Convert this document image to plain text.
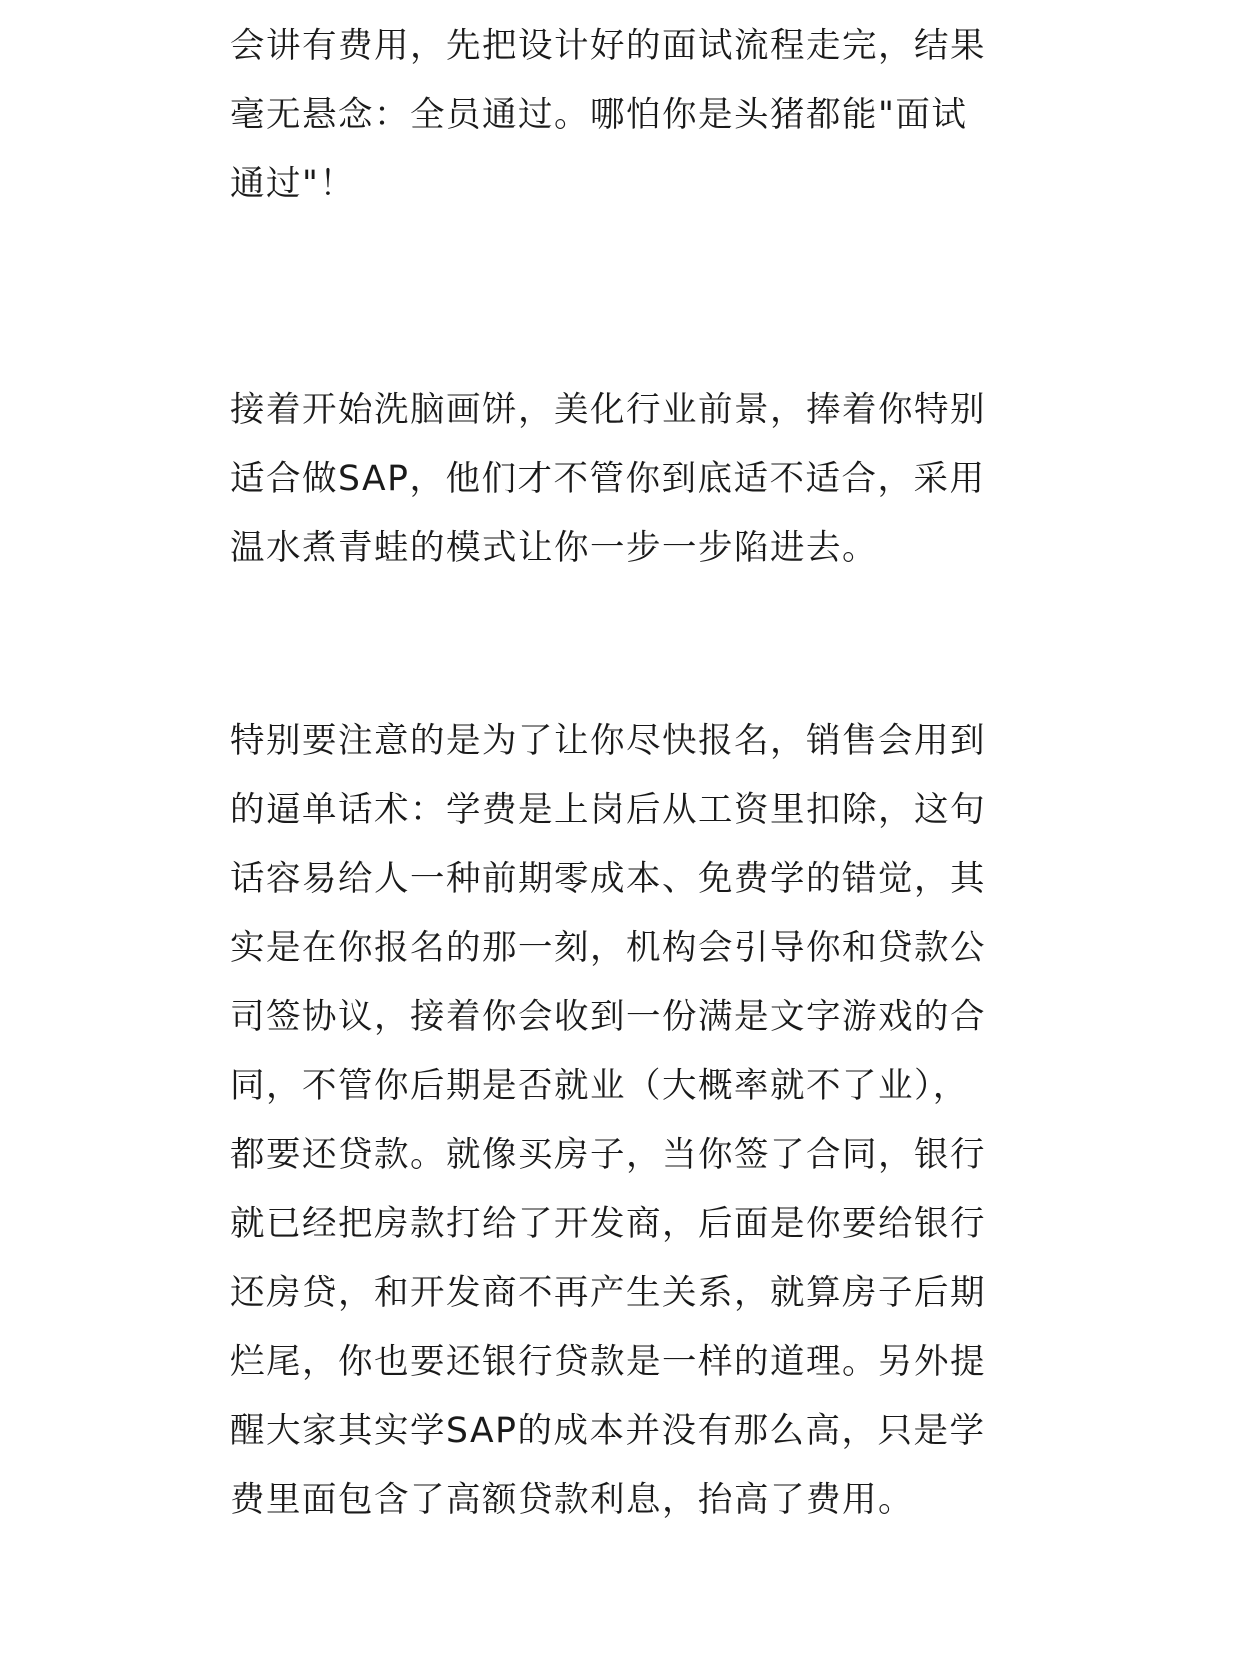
会讲有费用，先把设计好的面试流程走完，结果
毫无悬念：全员通过。哪怕你是头猪都能"面试
通过"！

接着开始洗脑画饼，美化行业前景，捧着你特别
适合做SAP，他们才不管你到底适不适合，采用
温水煮青蛙的模式让你一步一步陷进去。

特别要注意的是为了让你尽快报名，销售会用到
的逼单话术：学费是上岗后从工资里扣除，这句
话容易给人一种前期零成本、免费学的错觉，其
实是在你报名的那一刻，机构会引导你和贷款公
司签协议，接着你会收到一份满是文字游戏的合
同，不管你后期是否就业（大概率就不了业），
都要还贷款。就像买房子，当你签了合同，银行
就已经把房款打给了开发商，后面是你要给银行
还房贷，和开发商不再产生关系，就算房子后期
烂尾，你也要还银行贷款是一样的道理。另外提
醒大家其实学SAP的成本并没有那么高，只是学
费里面包含了高额贷款利息，抬高了费用。
